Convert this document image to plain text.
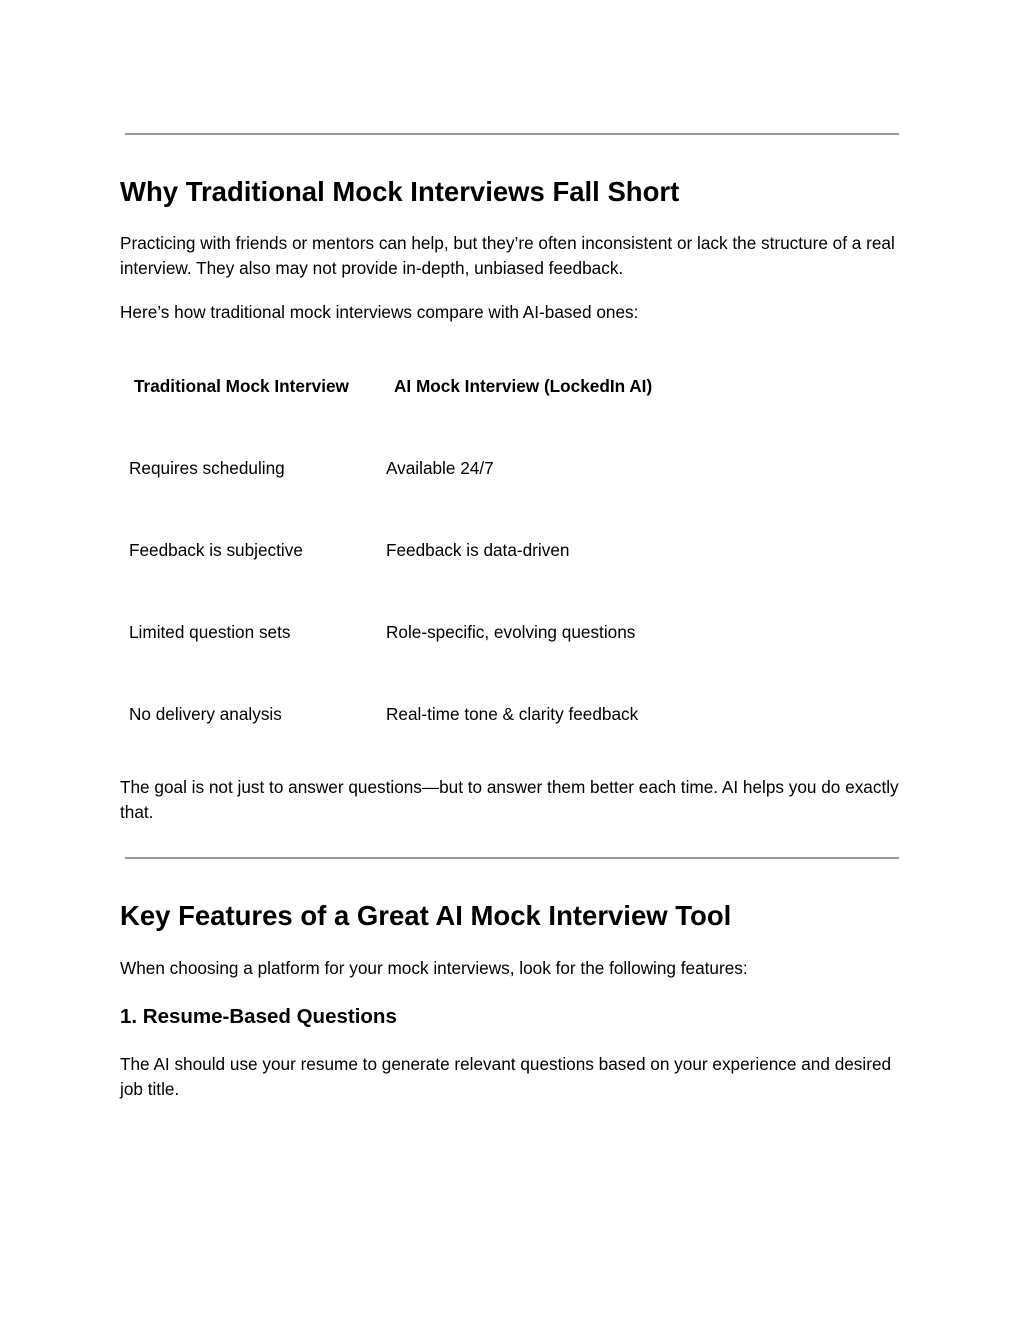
Why Traditional Mock Interviews Fall Short

Practicing with friends or mentors can help, but they’re often inconsistent or lack the structure of a real interview. They also may not provide in-depth, unbiased feedback.

Here’s how traditional mock interviews compare with AI-based ones:

Traditional Mock Interview	AI Mock Interview (LockedIn AI)
Requires scheduling	Available 24/7
Feedback is subjective	Feedback is data-driven
Limited question sets	Role-specific, evolving questions
No delivery analysis	Real-time tone & clarity feedback

The goal is not just to answer questions—but to answer them better each time. AI helps you do exactly that.

Key Features of a Great AI Mock Interview Tool

When choosing a platform for your mock interviews, look for the following features:

1. Resume-Based Questions

The AI should use your resume to generate relevant questions based on your experience and desired job title.
